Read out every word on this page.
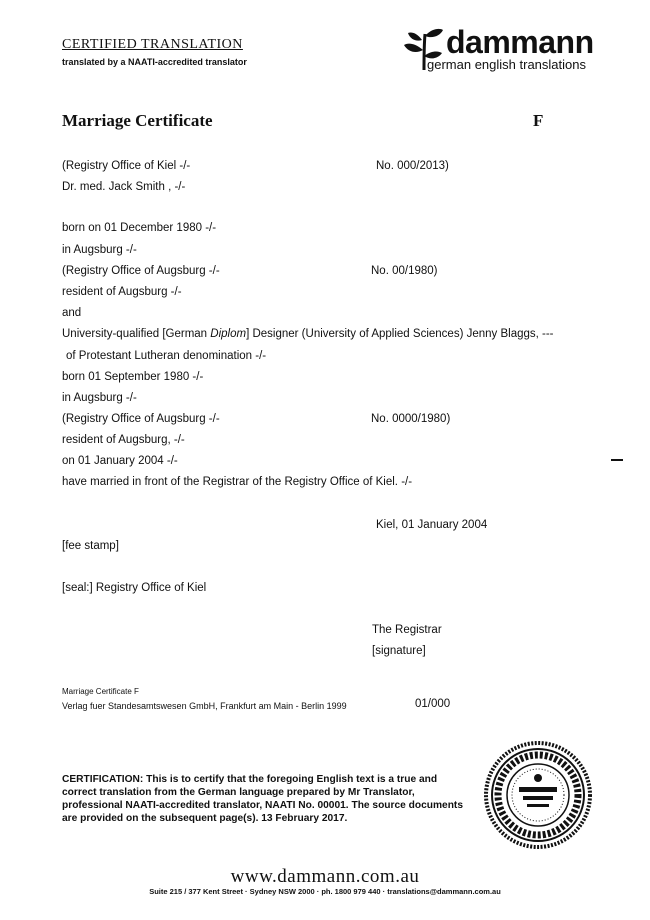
CERTIFIED TRANSLATION
translated by a NAATI-accredited translator
dammann
german english translations
Marriage Certificate	F
(Registry Office of Kiel -/-	No. 000/2013)
Dr. med. Jack Smith , -/-
born on 01 December 1980 -/-
in Augsburg -/-
(Registry Office of Augsburg -/-	No. 00/1980)
resident of Augsburg -/-
and
University-qualified [German Diplom] Designer (University of Applied Sciences) Jenny Blaggs, ---
of Protestant Lutheran denomination -/-
born 01 September 1980 -/-
in Augsburg -/-
(Registry Office of Augsburg -/-	No. 0000/1980)
resident of Augsburg, -/-
on 01 January 2004 -/-
have married in front of the Registrar of the Registry Office of Kiel. -/-
Kiel, 01 January 2004
[fee stamp]
[seal:] Registry Office of Kiel
The Registrar
[signature]
Marriage Certificate F
Verlag fuer Standesamtswesen GmbH, Frankfurt am Main - Berlin 1999	01/000
CERTIFICATION: This is to certify that the foregoing English text is a true and correct translation from the German language prepared by Mr Translator, professional NAATI-accredited translator, NAATI No. 00001. The source documents are provided on the subsequent page(s). 13 February 2017.
www.dammann.com.au
Suite 215 / 377 Kent Street · Sydney NSW 2000 · ph. 1800 979 440 · translations@dammann.com.au
